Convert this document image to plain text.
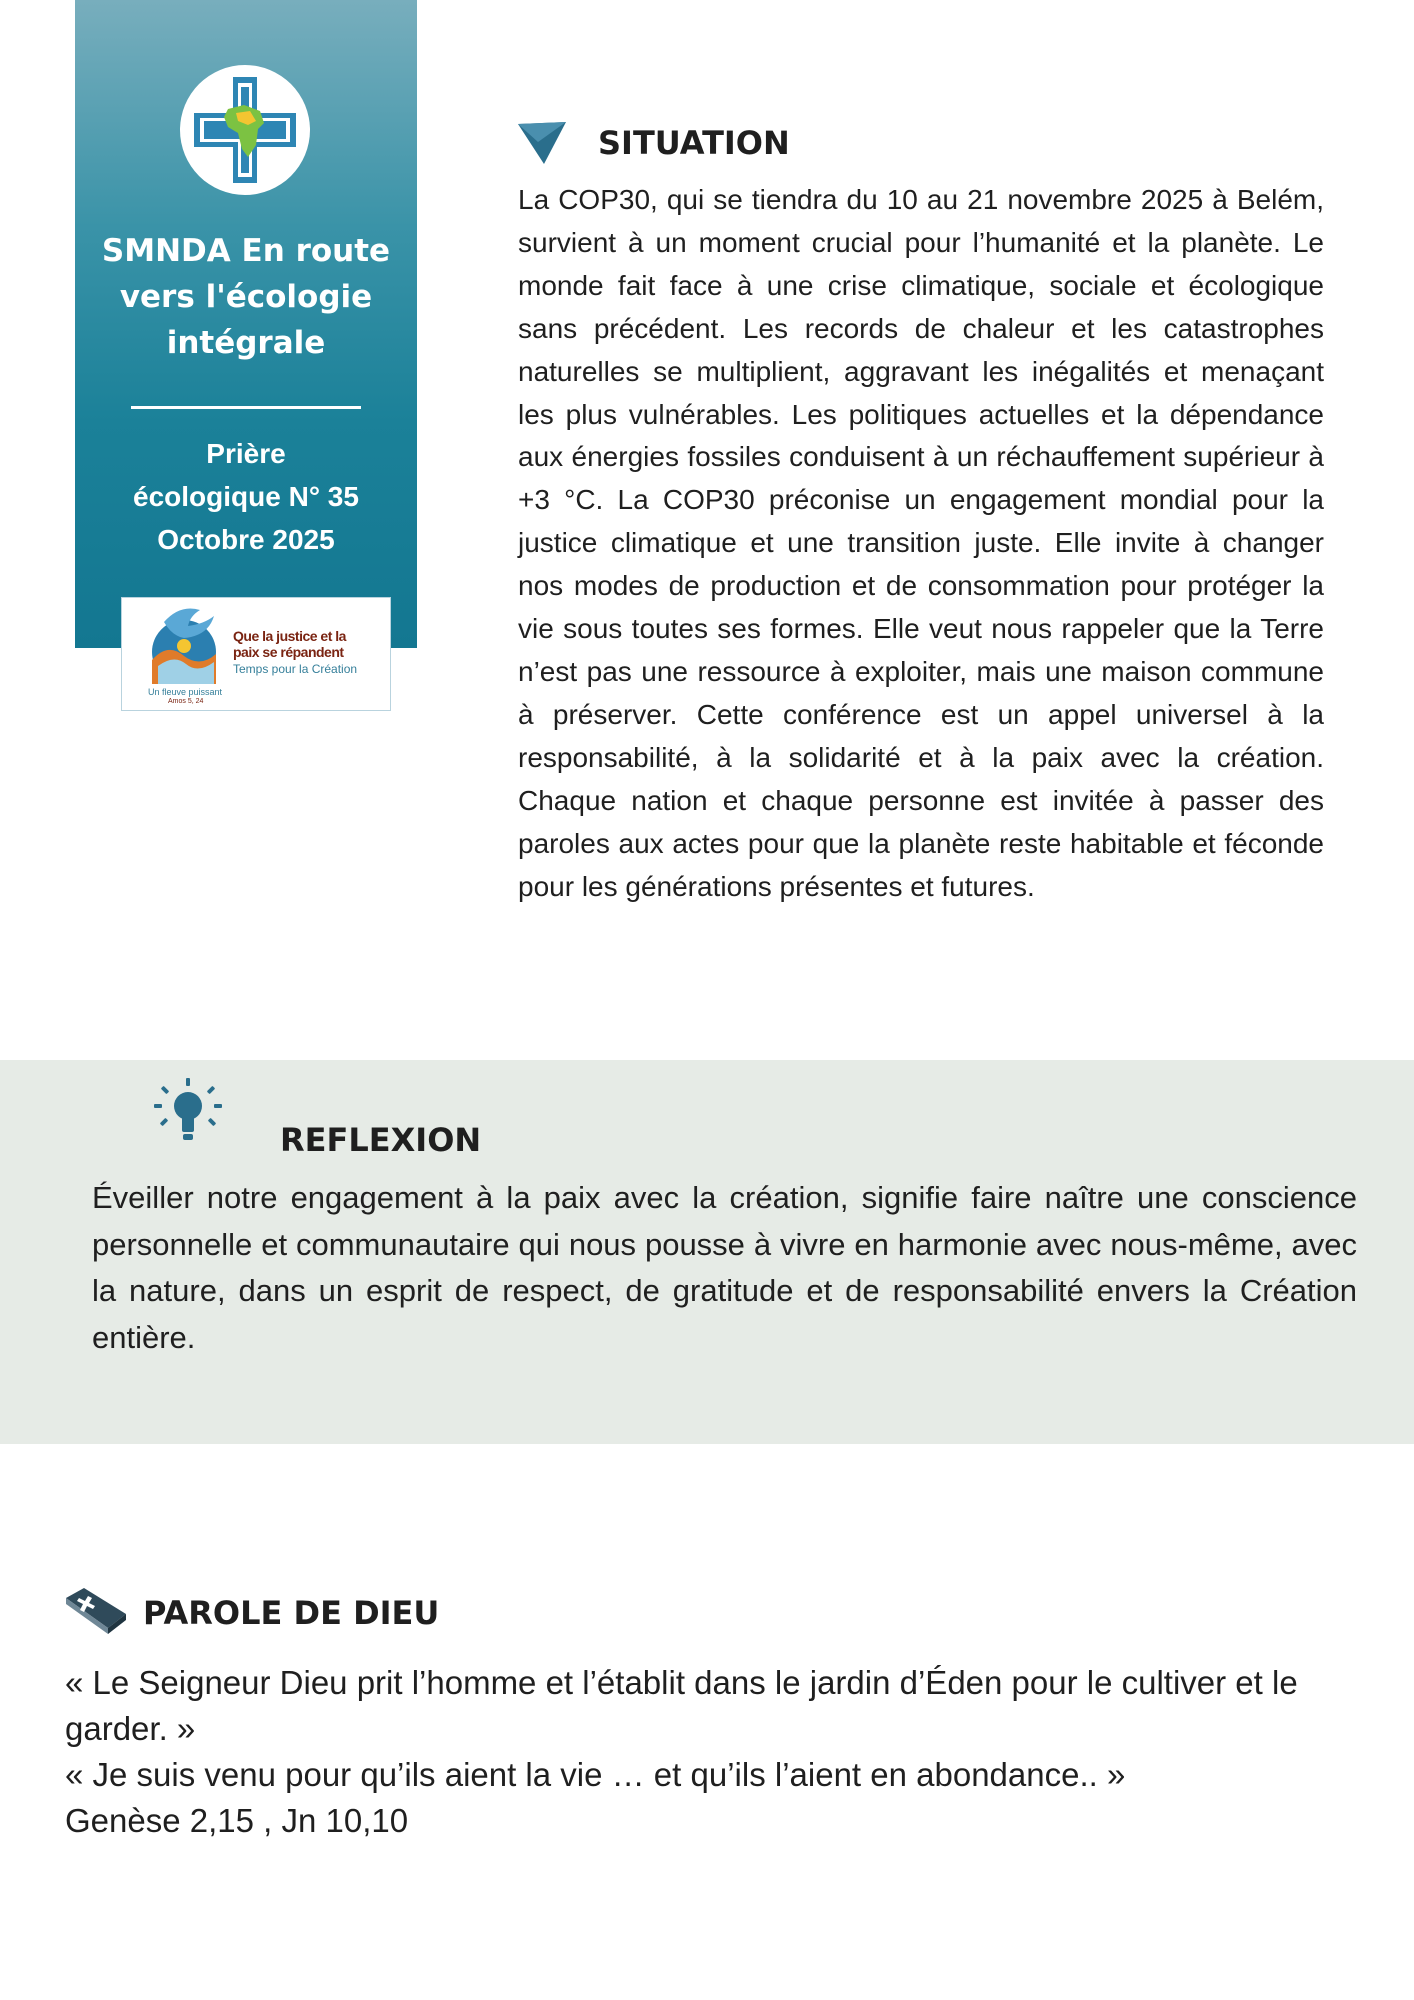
SMNDA En route
vers l'écologie
intégrale
Prière
écologique N° 35
Octobre 2025
Que la justice et la
paix se répandent
Temps pour la Création
Un fleuve puissant
Amos 5, 24
SITUATION
La COP30, qui se tiendra du 10 au 21 novembre 2025 à Belém, survient à un moment crucial pour l’humanité et la planète. Le monde fait face à une crise climatique, sociale et écologique sans précédent. Les records de chaleur et les catastrophes naturelles se multiplient, aggravant les inégalités et menaçant les plus vulnérables. Les politiques actuelles et la dépendance aux énergies fossiles conduisent à un réchauffement supérieur à +3 °C. La COP30 préconise un engagement mondial pour la justice climatique et une transition juste. Elle invite à changer nos modes de production et de consommation pour protéger la vie sous toutes ses formes. Elle veut nous rappeler que la Terre n’est pas une ressource à exploiter, mais une maison commune à préserver. Cette conférence est un appel universel à la responsabilité, à la solidarité et à la paix avec la création. Chaque nation et chaque personne est invitée à passer des paroles aux actes pour que la planète reste habitable et féconde pour les générations présentes et futures.
REFLEXION
Éveiller notre engagement à la paix avec la création, signifie faire naître une conscience personnelle et communautaire qui nous pousse à vivre en harmonie avec nous-même, avec la nature, dans un esprit de respect, de gratitude et de responsabilité envers la Création entière.
PAROLE DE DIEU

« Le Seigneur Dieu prit l’homme et l’établit dans le jardin d’Éden pour le cultiver et le garder. »

« Je suis venu pour qu’ils aient la vie … et qu’ils l’aient en abondance.. »

Genèse 2,15 , Jn 10,10
